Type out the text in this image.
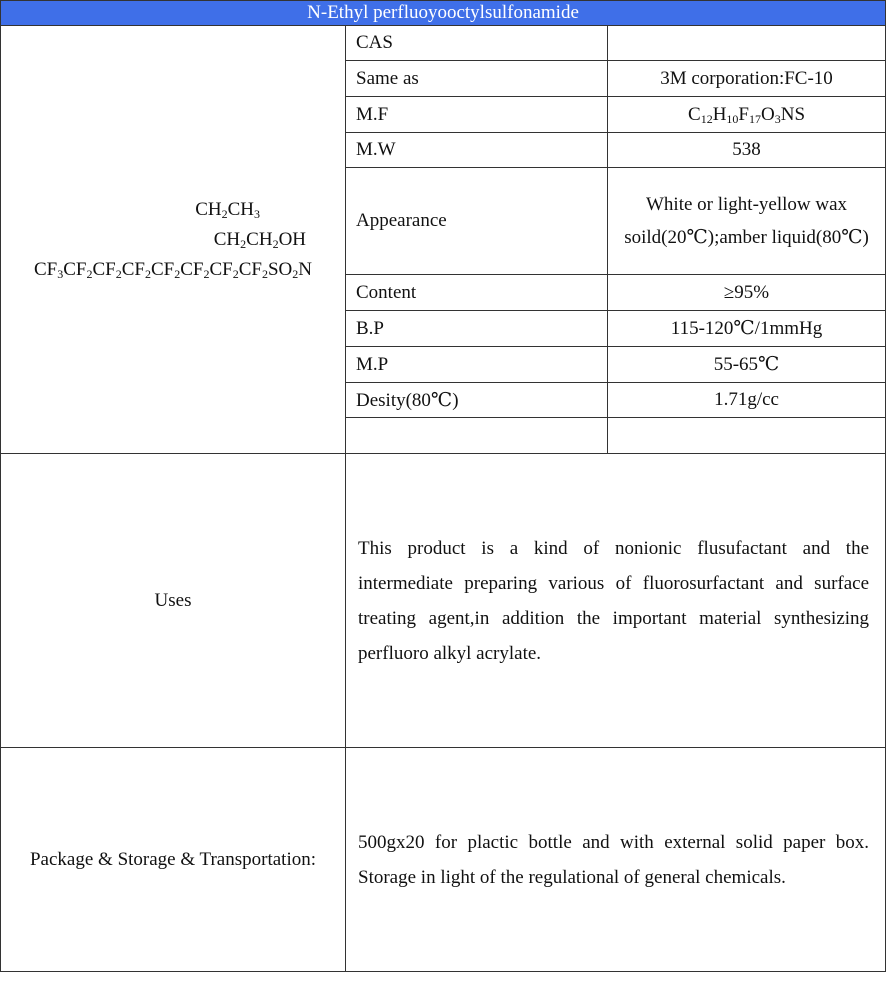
N-Ethyl perfluoyooctylsulfonamide		

$CH_2CH_3$
$CH_2CH_2OH$
$CF_3CF_2CF_2CF_2CF_2CF_2CF_2CF_2SO_2N$	CAS	
	Same as	3M corporation:FC-10
	M.F	$C_{12}H_{10}F_{17}O_3NS$
	M.W	538
	Appearance	White or light-yellow wax soild(20℃);amber liquid(80℃)
	Content	≥95%
	B.P	115-120℃/1mmHg
	M.P	55-65℃
	Desity(80℃)	1.71g/cc

Uses	This product is a kind of nonionic flusufactant and the intermediate preparing various of fluorosurfactant and surface treating agent,in addition the important material synthesizing perfluoro alkyl acrylate.	
Package & Storage & Transportation:	500gx20 for plactic bottle and with external solid paper box. Storage in light of the regulational of general chemicals.	
